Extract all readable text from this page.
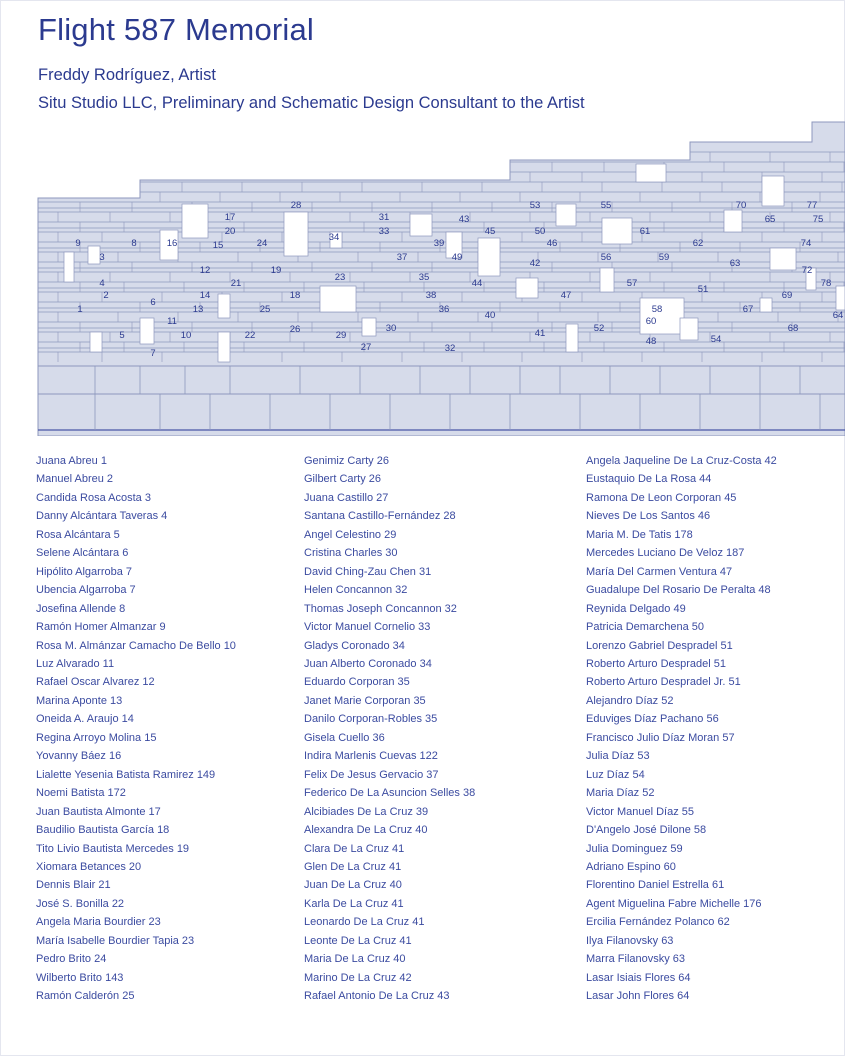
Flight 587 Memorial

Freddy Rodríguez, Artist

Situ Studio LLC, Preliminary and Schematic Design Consultant to the Artist

1
2
3
4
5
6
7
8
9
10
11
12
13
14
15
16
17
18
19
20
21
22
23
24
25
26
27
28
29
30
31
32
33
34
35
36
37
38
39
40
41
42
43
44
45
46
47
48
49
50
51
52
53
54
55
56
57
58
59
60
61
62
63
64
65
67
68
69
70
72
74
75
77
78
Juana Abreu 1
Manuel Abreu 2
Candida Rosa Acosta 3
Danny Alcántara Taveras 4
Rosa Alcántara 5
Selene Alcántara 6
Hipólito Algarroba 7
Ubencia Algarroba 7
Josefina Allende 8
Ramón Homer Almanzar 9
Rosa M. Almánzar Camacho De Bello 10
Luz Alvarado 11
Rafael Oscar Alvarez 12
Marina Aponte 13
Oneida A. Araujo 14
Regina Arroyo Molina 15
Yovanny Báez 16
Lialette Yesenia Batista Ramirez 149
Noemi Batista 172
Juan Bautista Almonte 17
Baudilio Bautista García 18
Tito Livio Bautista Mercedes 19
Xiomara Betances 20
Dennis Blair 21
José S. Bonilla 22
Angela Maria Bourdier 23
María Isabelle Bourdier Tapia 23
Pedro Brito 24
Wilberto Brito 143
Ramón Calderón 25
Genimiz Carty 26
Gilbert Carty 26
Juana Castillo 27
Santana Castillo-Fernández 28
Angel Celestino 29
Cristina Charles 30
David Ching-Zau Chen 31
Helen Concannon 32
Thomas Joseph Concannon 32
Victor Manuel Cornelio 33
Gladys Coronado 34
Juan Alberto Coronado 34
Eduardo Corporan 35
Janet Marie Corporan 35
Danilo Corporan-Robles 35
Gisela Cuello 36
Indira Marlenis Cuevas 122
Felix De Jesus Gervacio 37
Federico De La Asuncion Selles 38
Alcibiades De La Cruz 39
Alexandra De La Cruz 40
Clara De La Cruz 41
Glen De La Cruz 41
Juan De La Cruz 40
Karla De La Cruz 41
Leonardo De La Cruz 41
Leonte De La Cruz 41
Maria De La Cruz 40
Marino De La Cruz 42
Rafael Antonio De La Cruz 43
Angela Jaqueline De La Cruz-Costa 42
Eustaquio De La Rosa 44
Ramona De Leon Corporan 45
Nieves De Los Santos 46
Maria M. De Tatis 178
Mercedes Luciano De Veloz 187
María Del Carmen Ventura 47
Guadalupe Del Rosario De Peralta 48
Reynida Delgado 49
Patricia Demarchena 50
Lorenzo Gabriel Despradel 51
Roberto Arturo Despradel 51
Roberto Arturo Despradel Jr. 51
Alejandro Díaz 52
Eduviges Díaz Pachano 56
Francisco Julio Díaz Moran 57
Julia Díaz 53
Luz Díaz 54
Maria Díaz 52
Victor Manuel Díaz 55
D'Angelo José Dilone 58
Julia Dominguez 59
Adriano Espino 60
Florentino Daniel Estrella 61
Agent Miguelina Fabre Michelle 176
Ercilia Fernández Polanco 62
Ilya Filanovsky 63
Marra Filanovsky 63
Lasar Isiais Flores 64
Lasar John Flores 64
